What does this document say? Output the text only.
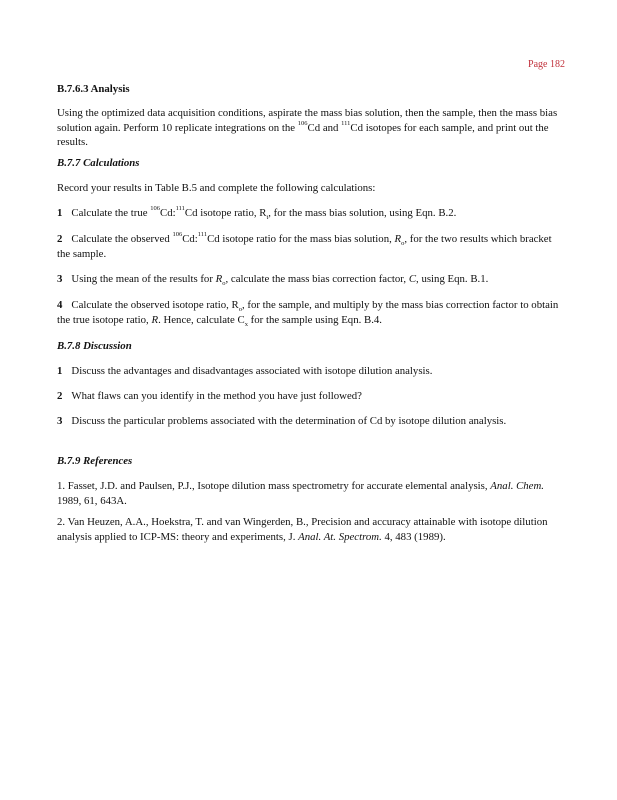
Page 182
B.7.6.3 Analysis

Using the optimized data acquisition conditions, aspirate the mass bias solution, then the sample, then the mass bias solution again. Perform 10 replicate integrations on the $^{106}$Cd and $^{111}$Cd isotopes for each sample, and print out the results.

B.7.7 Calculations
Record your results in Table B.5 and complete the following calculations:

1 Calculate the true $^{106}$Cd:$^{111}$Cd isotope ratio, $R_t$, for the mass bias solution, using Eqn. B.2.

2 Calculate the observed $^{106}$Cd:$^{111}$Cd isotope ratio for the mass bias solution, $R_o$, for the two results which bracket the sample.

3 Using the mean of the results for $R_o$, calculate the mass bias correction factor, C, using Eqn. B.1.

4 Calculate the observed isotope ratio, $R_o$, for the sample, and multiply by the mass bias correction factor to obtain the true isotope ratio, R. Hence, calculate $C_x$ for the sample using Eqn. B.4.

B.7.8 Discussion

1 Discuss the advantages and disadvantages associated with isotope dilution analysis.

2 What flaws can you identify in the method you have just followed?

3 Discuss the particular problems associated with the determination of Cd by isotope dilution analysis.

B.7.9 References

1. Fasset, J.D. and Paulsen, P.J., Isotope dilution mass spectrometry for accurate elemental analysis, Anal. Chem. 1989, 61, 643A.

2. Van Heuzen, A.A., Hoekstra, T. and van Wingerden, B., Precision and accuracy attainable with isotope dilution analysis applied to ICP-MS: theory and experiments, J. Anal. At. Spectrom. 4, 483 (1989).
